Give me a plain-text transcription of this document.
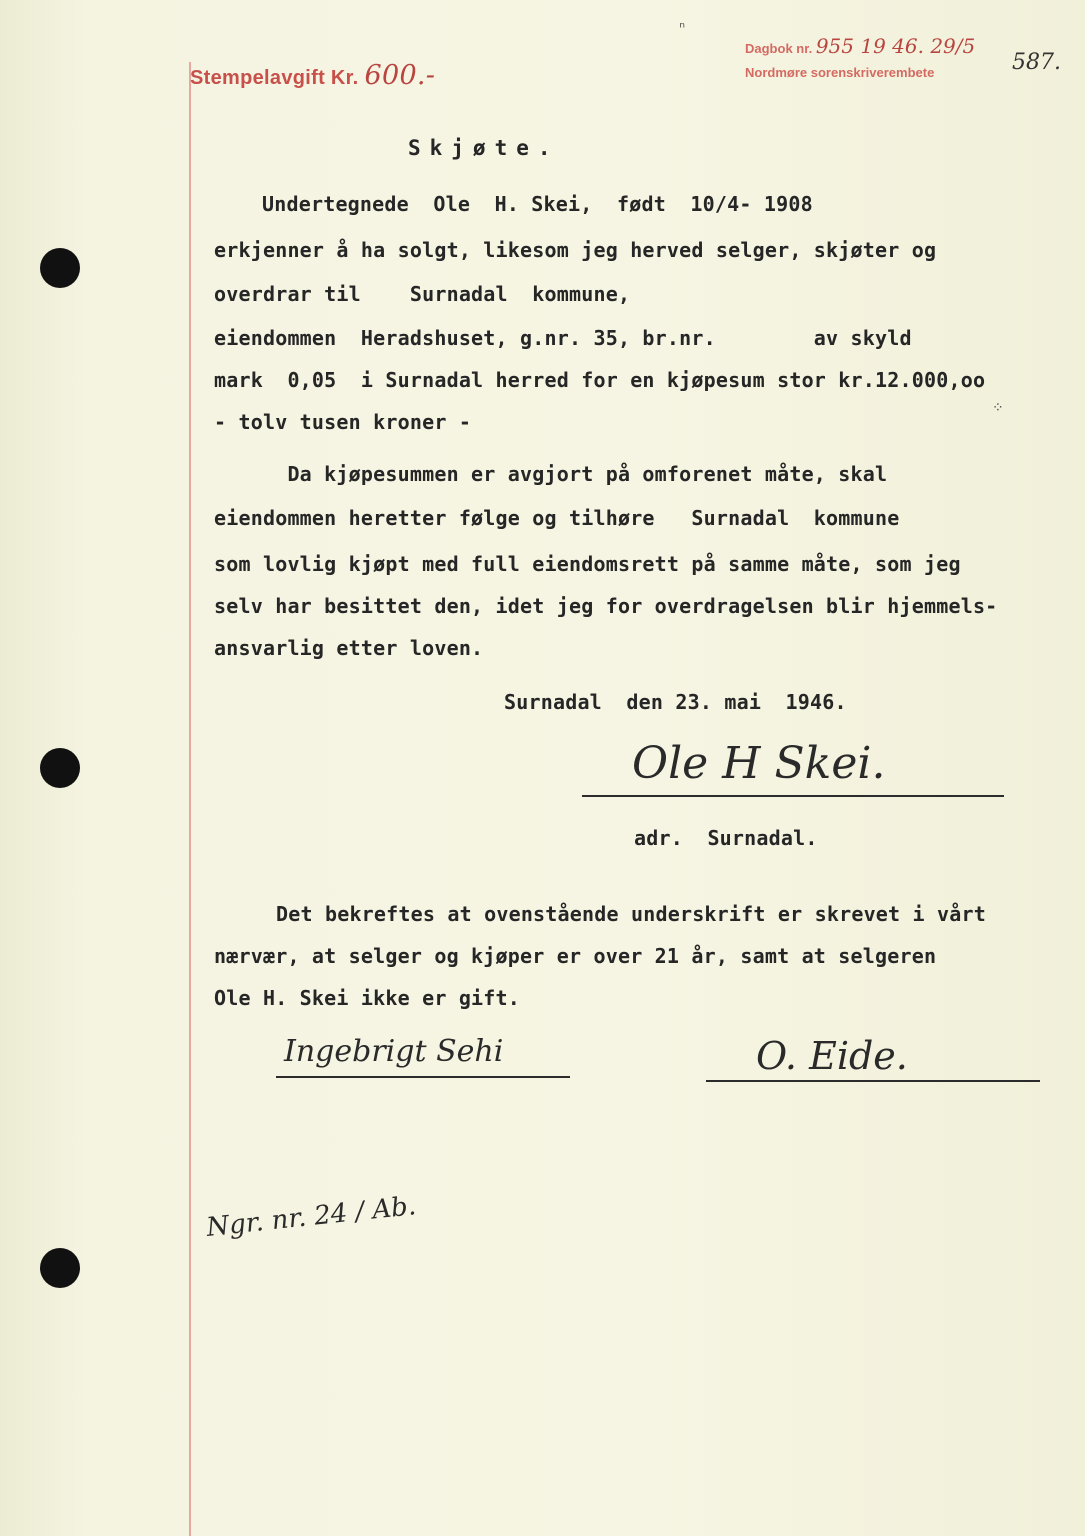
Stempelavgift Kr. 600.-
Dagbok nr. 955 19 46. 29/5
Nordmøre sorenskriverembete	587.
Skjøte.
Undertegnede  Ole  H. Skei,  født  10/4- 1908
erkjenner å ha solgt, likesom jeg herved selger, skjøter og
overdrar til    Surnadal  kommune,
eiendommen  Heradshuset, g.nr. 35, br.nr.        av skyld
mark  0,05  i Surnadal herred for en kjøpesum stor kr.12.000,oo
- tolv tusen kroner -
Da kjøpesummen er avgjort på omforenet måte, skal
eiendommen heretter følge og tilhøre   Surnadal  kommune
som lovlig kjøpt med full eiendomsrett på samme måte, som jeg
selv har besittet den, idet jeg for overdragelsen blir hjemmels-
ansvarlig etter loven.
Surnadal  den 23. mai  1946.
Ole H Skei.
adr.  Surnadal.
Det bekreftes at ovenstående underskrift er skrevet i vårt
nærvær, at selger og kjøper er over 21 år, samt at selgeren
Ole H. Skei ikke er gift.
Ingebrigt Sehi	O. Eide.
Ngr. nr. 24 / Ab.
ⁿ
⁘
